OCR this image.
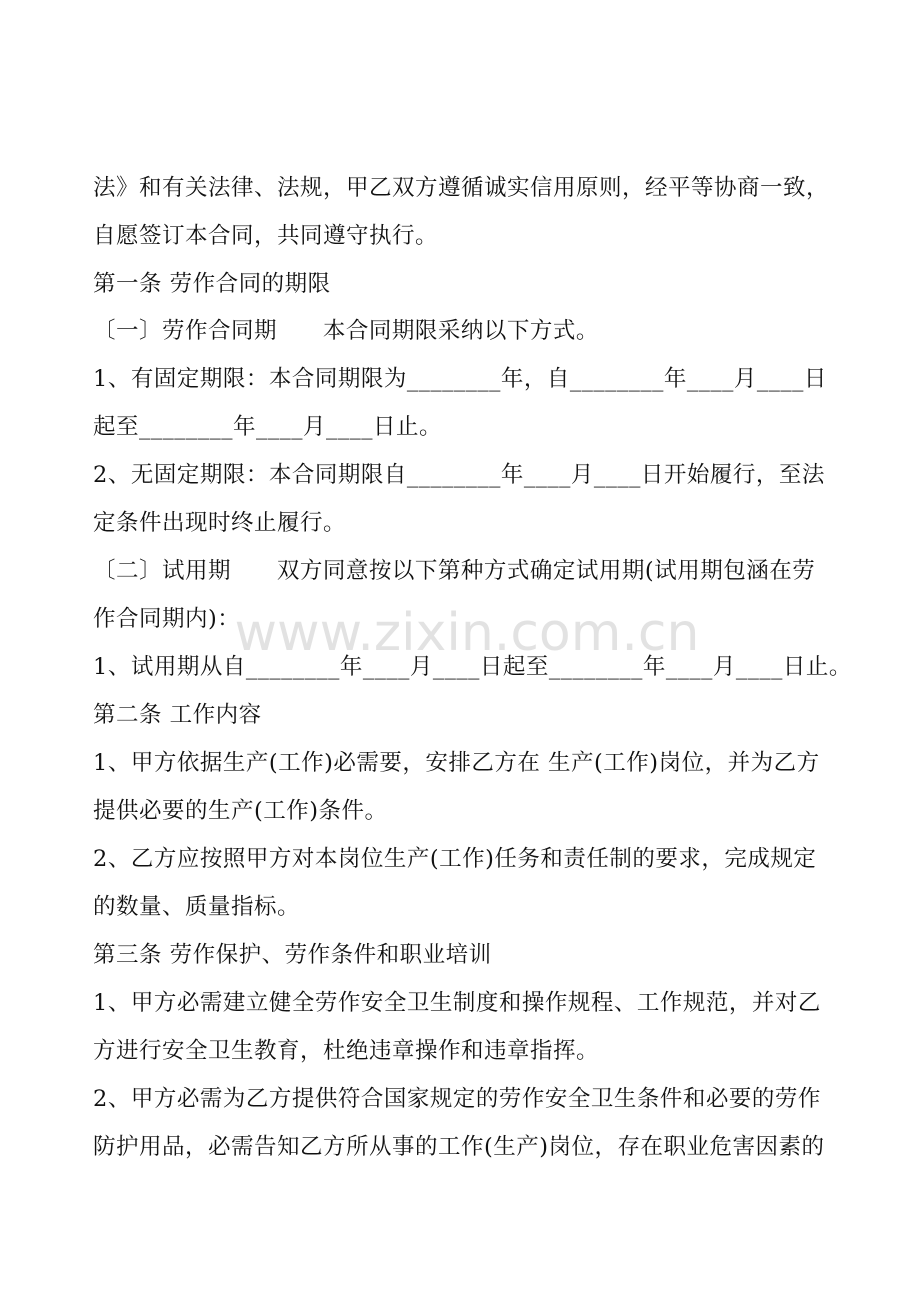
法》和有关法律、法规，甲乙双方遵循诚实信用原则，经平等协商一致，
自愿签订本合同，共同遵守执行。
第一条 劳作合同的期限
〔一〕劳作合同期      本合同期限采纳以下方式。
1、有固定期限：本合同期限为________年，自________年____月____日
起至________年____月____日止。
2、无固定期限：本合同期限自________年____月____日开始履行，至法
定条件出现时终止履行。
〔二〕试用期      双方同意按以下第种方式确定试用期(试用期包涵在劳
作合同期内)：
1、试用期从自________年____月____日起至________年____月____日止。
第二条 工作内容
1、甲方依据生产(工作)必需要，安排乙方在 生产(工作)岗位，并为乙方
提供必要的生产(工作)条件。
2、乙方应按照甲方对本岗位生产(工作)任务和责任制的要求，完成规定
的数量、质量指标。
第三条 劳作保护、劳作条件和职业培训
1、甲方必需建立健全劳作安全卫生制度和操作规程、工作规范，并对乙
方进行安全卫生教育，杜绝违章操作和违章指挥。
2、甲方必需为乙方提供符合国家规定的劳作安全卫生条件和必要的劳作
防护用品，必需告知乙方所从事的工作(生产)岗位，存在职业危害因素的
www.zixin.com.cn
